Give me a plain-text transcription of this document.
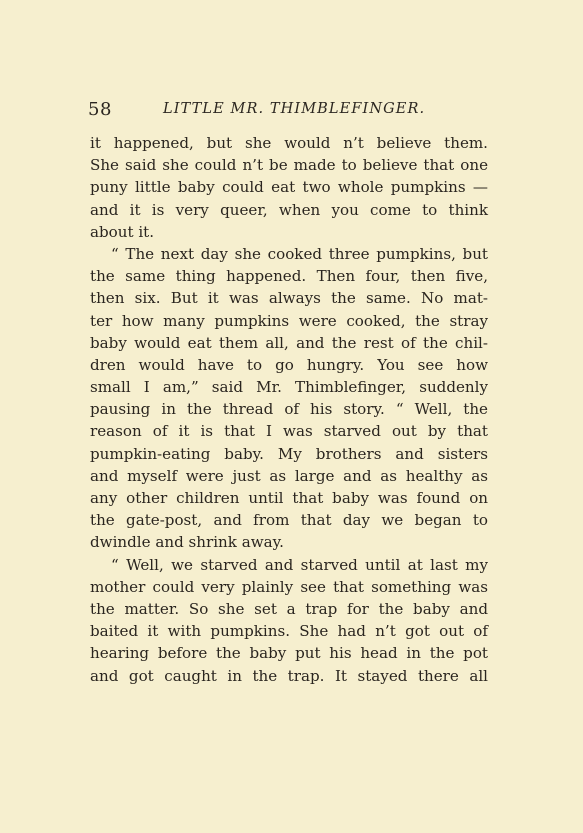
58	LITTLE MR. THIMBLEFINGER.
it happened, but she would n’t believe them.
She said she could n’t be made to believe that one
puny little baby could eat two whole pumpkins —
and it is very queer, when you come to think
about it.
“ The next day she cooked three pumpkins, but
the same thing happened. Then four, then five,
then six. But it was always the same. No mat-
ter how many pumpkins were cooked, the stray
baby would eat them all, and the rest of the chil-
dren would have to go hungry. You see how
small I am,” said Mr. Thimblefinger, suddenly
pausing in the thread of his story. “ Well, the
reason of it is that I was starved out by that
pumpkin-eating baby. My brothers and sisters
and myself were just as large and as healthy as
any other children until that baby was found on
the gate-post, and from that day we began to
dwindle and shrink away.
“ Well, we starved and starved until at last my
mother could very plainly see that something was
the matter. So she set a trap for the baby and
baited it with pumpkins. She had n’t got out of
hearing before the baby put his head in the pot
and got caught in the trap. It stayed there all
